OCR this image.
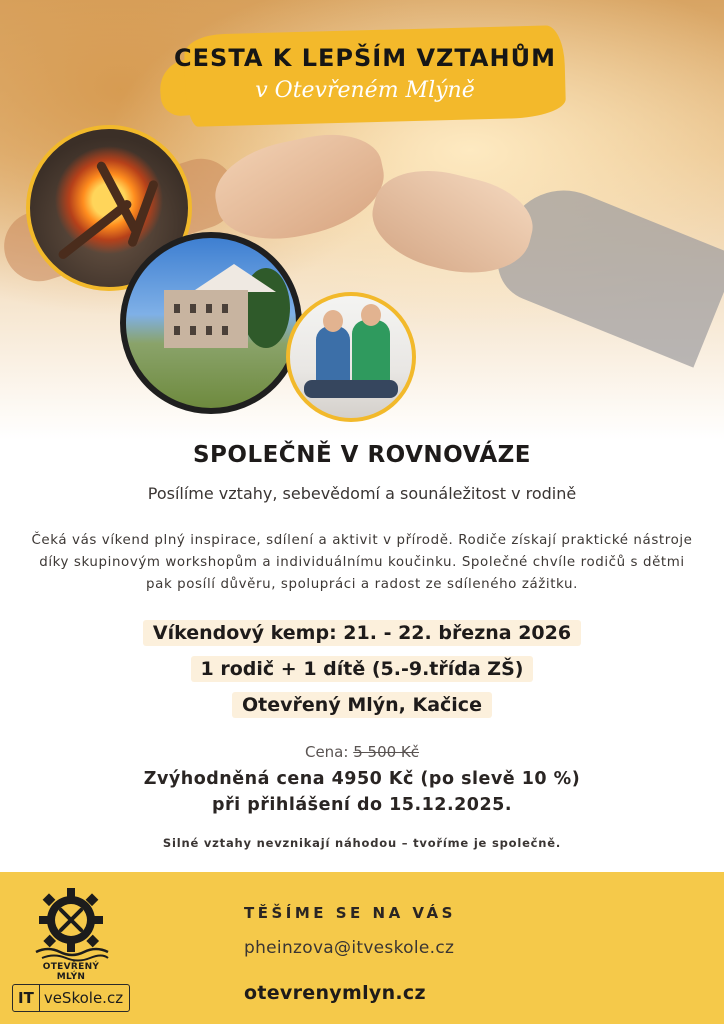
CESTA K LEPŠÍM VZTAHŮM
v Otevřeném Mlýně
SPOLEČNĚ V ROVNOVÁZE
Posílíme vztahy, sebevědomí a sounáležitost v rodině

Čeká vás víkend plný inspirace, sdílení a aktivit v přírodě. Rodiče získají praktické nástroje díky skupinovým workshopům a individuálnímu koučinku. Společné chvíle rodičů s dětmi pak posílí důvěru, spolupráci a radost ze sdíleného zážitku.

Víkendový kemp: 21. - 22. března 2026
1 rodič + 1 dítě (5.-9.třída ZŠ)
Otevřený Mlýn, Kačice
Cena: 5 500 Kč
Zvýhodněná cena 4950 Kč (po slevě 10 %)
při přihlášení do 15.12.2025.
Silné vztahy nevznikají náhodou – tvoříme je společně.
OTEVŘENÝ MLÝN
IT veSkole.cz
TĚŠÍME SE NA VÁS
pheinzova@itveskole.cz
otevrenymlyn.cz
